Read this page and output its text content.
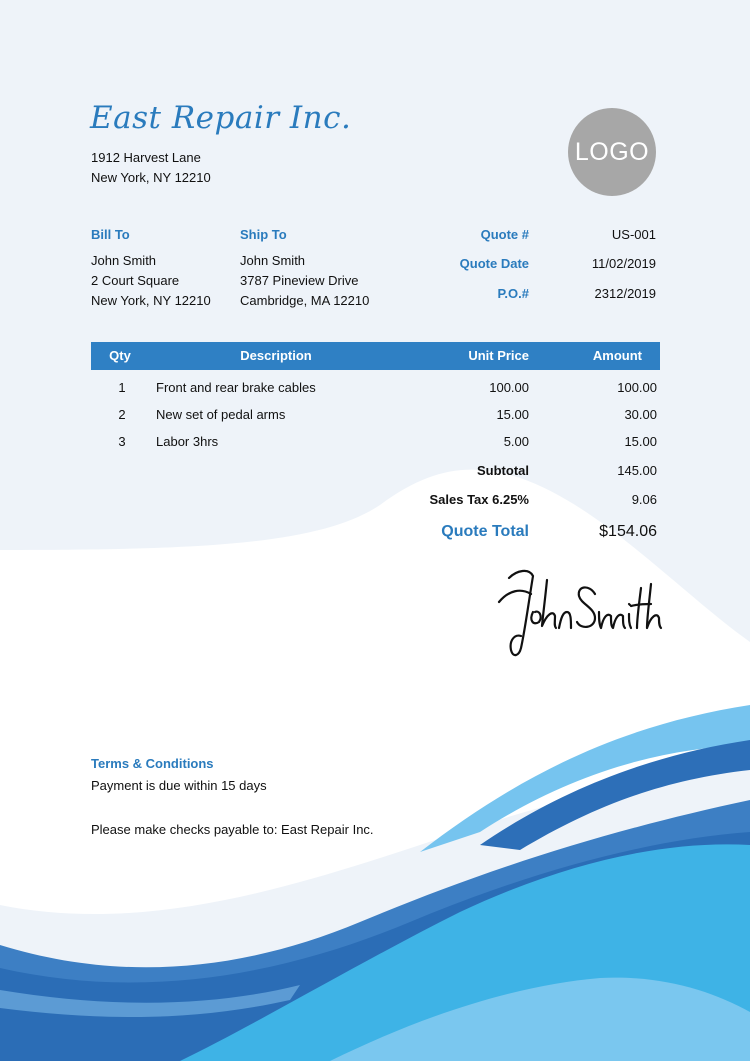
East Repair Inc.
1912 Harvest Lane
New York, NY 12210
LOGO
Bill To
John Smith
2 Court Square
New York, NY 12210
Ship To
John Smith
3787 Pineview Drive
Cambridge, MA 12210
Quote #	US-001
Quote Date	11/02/2019
P.O.#	2312/2019
Qty	Description	Unit Price	Amount
1	Front and rear brake cables	100.00	100.00
2	New set of pedal arms	15.00	30.00
3	Labor 3hrs	5.00	15.00
Subtotal	145.00
Sales Tax 6.25%	9.06
Quote Total	$154.06
Terms & Conditions
Payment is due within 15 days
Please make checks payable to: East Repair Inc.
